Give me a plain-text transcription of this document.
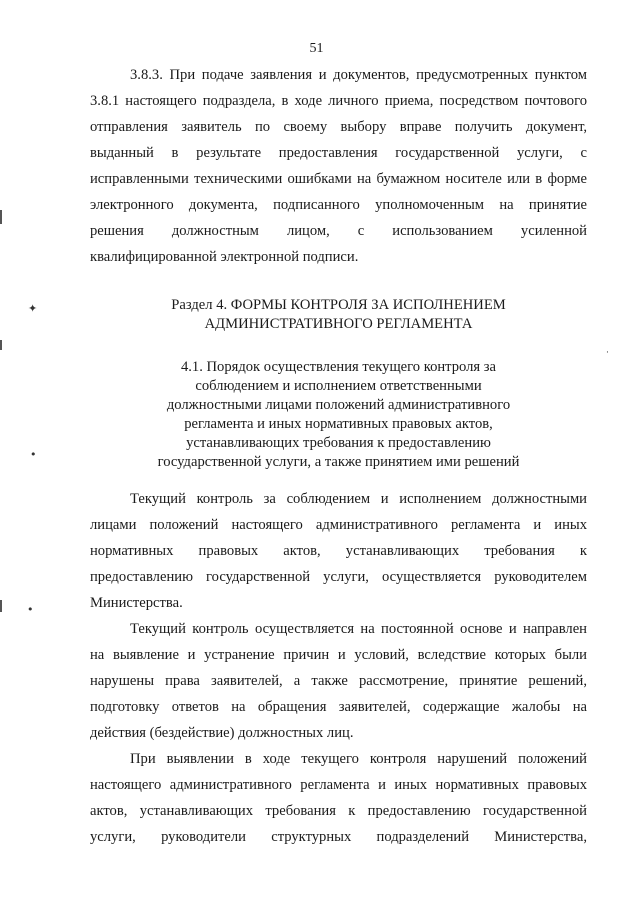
✦
•
•
·
51
3.8.3. При подаче заявления и документов, предусмотренных пунктом
3.8.1 настоящего подраздела, в ходе личного приема, посредством почтового
отправления заявитель по своему выбору вправе получить документ,
выданный в результате предоставления государственной услуги, с
исправленными техническими ошибками на бумажном носителе или в форме
электронного документа, подписанного уполномоченным на принятие
решения должностным лицом, с использованием усиленной
квалифицированной электронной подписи.
Раздел 4. ФОРМЫ КОНТРОЛЯ ЗА ИСПОЛНЕНИЕМ
АДМИНИСТРАТИВНОГО РЕГЛАМЕНТА
4.1. Порядок осуществления текущего контроля за
соблюдением и исполнением ответственными
должностными лицами положений административного
регламента и иных нормативных правовых актов,
устанавливающих требования к предоставлению
государственной услуги, а также принятием ими решений
Текущий контроль за соблюдением и исполнением должностными
лицами положений настоящего административного регламента и иных
нормативных правовых актов, устанавливающих требования к
предоставлению государственной услуги, осуществляется руководителем
Министерства.
Текущий контроль осуществляется на постоянной основе и направлен
на выявление и устранение причин и условий, вследствие которых были
нарушены права заявителей, а также рассмотрение, принятие решений,
подготовку ответов на обращения заявителей, содержащие жалобы на
действия (бездействие) должностных лиц.
При выявлении в ходе текущего контроля нарушений положений
настоящего административного регламента и иных нормативных правовых
актов, устанавливающих требования к предоставлению государственной
услуги, руководители структурных подразделений Министерства,
